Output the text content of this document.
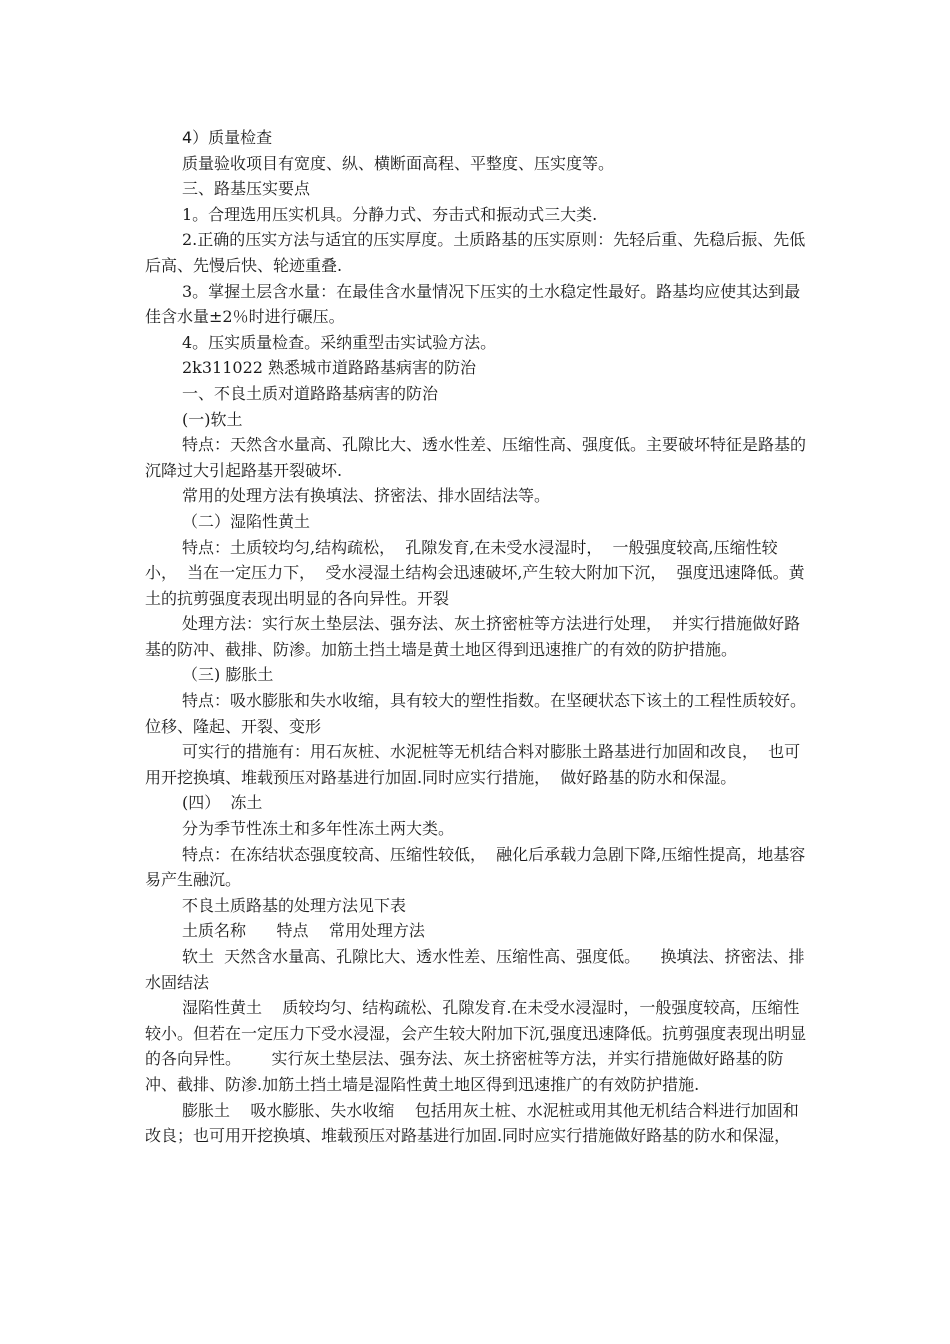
4）质量检查

质量验收项目有宽度、纵、横断面高程、平整度、压实度等。

三、路基压实要点

1。合理选用压实机具。分静力式、夯击式和振动式三大类.

2.正确的压实方法与适宜的压实厚度。土质路基的压实原则：先轻后重、先稳后振、先低后高、先慢后快、轮迹重叠.

3。掌握土层含水量：在最佳含水量情况下压实的土水稳定性最好。路基均应使其达到最佳含水量±2％时进行碾压。

4。压实质量检查。采纳重型击实试验方法。

2k311022 熟悉城市道路路基病害的防治

一、不良土质对道路路基病害的防治

(一)软土

特点：天然含水量高、孔隙比大、透水性差、压缩性高、强度低。主要破坏特征是路基的沉降过大引起路基开裂破坏.

常用的处理方法有换填法、挤密法、排水固结法等。

（二）湿陷性黄土

特点：土质较均匀,结构疏松，  孔隙发育,在未受水浸湿时，  一般强度较高,压缩性较小，  当在一定压力下，  受水浸湿土结构会迅速破坏,产生较大附加下沉，  强度迅速降低。黄土的抗剪强度表现出明显的各向异性。开裂

处理方法：实行灰土垫层法、强夯法、灰土挤密桩等方法进行处理，  并实行措施做好路基的防冲、截排、防渗。加筋土挡土墙是黄土地区得到迅速推广的有效的防护措施。

（三) 膨胀土

特点：吸水膨胀和失水收缩，具有较大的塑性指数。在坚硬状态下该土的工程性质较好。位移、隆起、开裂、变形

可实行的措施有：用石灰桩、水泥桩等无机结合料对膨胀土路基进行加固和改良，  也可用开挖换填、堆载预压对路基进行加固.同时应实行措施，  做好路基的防水和保湿。

(四）  冻土

分为季节性冻土和多年性冻土两大类。

特点：在冻结状态强度较高、压缩性较低，  融化后承载力急剧下降,压缩性提高，地基容易产生融沉。

不良土质路基的处理方法见下表

土质名称      特点    常用处理方法

软土  天然含水量高、孔隙比大、透水性差、压缩性高、强度低。    换填法、挤密法、排水固结法

湿陷性黄土    质较均匀、结构疏松、孔隙发育.在未受水浸湿时，一般强度较高，压缩性较小。但若在一定压力下受水浸湿，会产生较大附加下沉,强度迅速降低。抗剪强度表现出明显的各向异性。      实行灰土垫层法、强夯法、灰土挤密桩等方法，并实行措施做好路基的防冲、截排、防渗.加筋土挡土墙是湿陷性黄土地区得到迅速推广的有效防护措施.

膨胀土    吸水膨胀、失水收缩    包括用灰土桩、水泥桩或用其他无机结合料进行加固和改良；也可用开挖换填、堆载预压对路基进行加固.同时应实行措施做好路基的防水和保湿，
